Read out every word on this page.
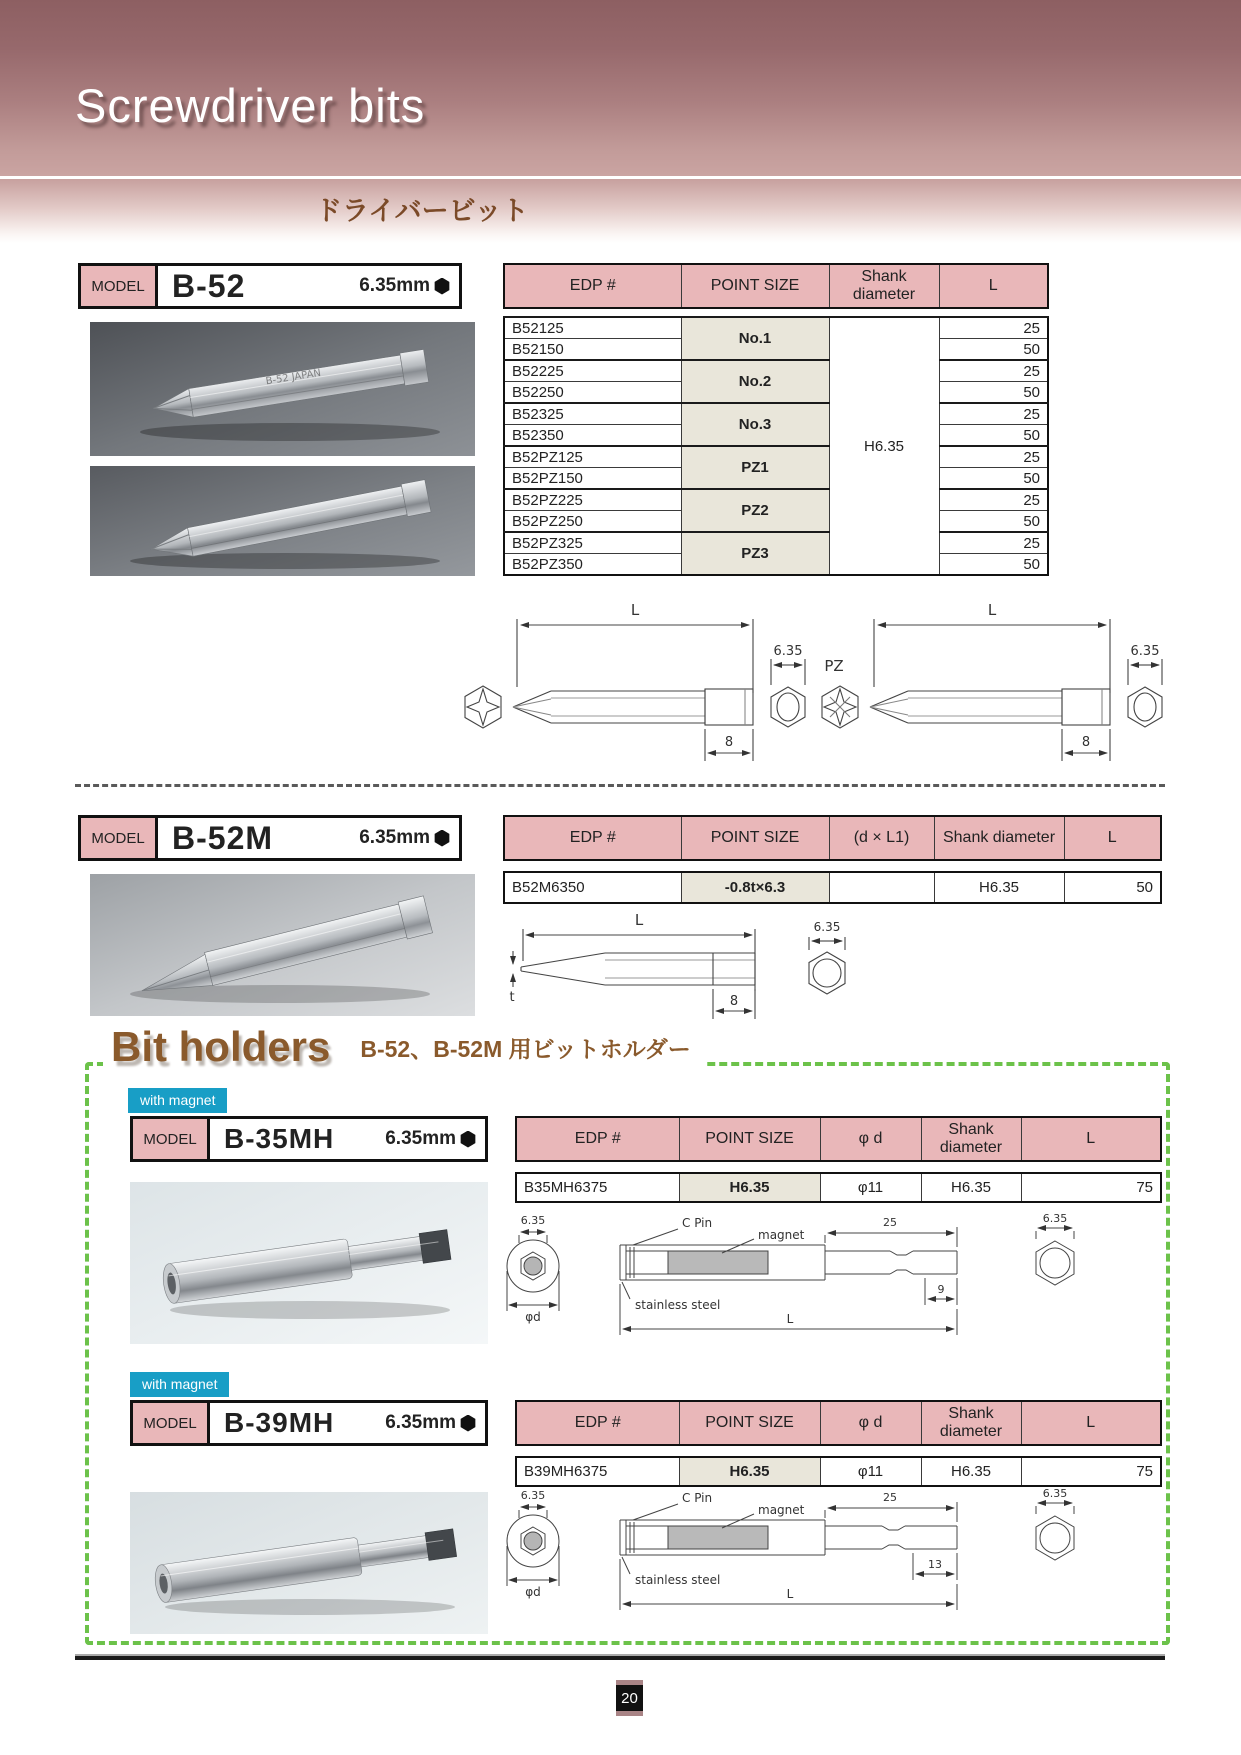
Screwdriver bits
ドライバービット
MODEL B-52	6.35mm
B-52 JAPAN
EDP #	POINT SIZE	Shank diameter	L
B52125	No.1	H6.35	25
B52150			50
B52225	No.2		25
B52250			50
B52325	No.3		25
B52350			50
B52PZ125	PZ1		25
B52PZ150			50
B52PZ225	PZ2		25
B52PZ250			50
B52PZ325	PZ3		25
B52PZ350			50
L
8
6.35
PZ
L
8
6.35
MODEL B-52M	6.35mm	EDP #	POINT SIZE	(d × L1)	Shank diameter	L
B52M6350	-0.8t×6.3		H6.35	50
L
t	8
6.35
Bit holders B-52、B-52M 用ビットホルダー
with magnet
MODEL B-35MH	6.35mm	EDP #	POINT SIZE	φ d	Shank diameter	L
B35MH6375	H6.35	φ11	H6.35	75
6.35
φd
C Pin
magnet
stainless steel
25
9
L
6.35
with magnet
MODEL B-39MH	6.35mm	EDP #	POINT SIZE	φ d	Shank diameter	L
B39MH6375	H6.35	φ11	H6.35	75
6.35
φd
C Pin
magnet
stainless steel
25
13
L
6.35
20
